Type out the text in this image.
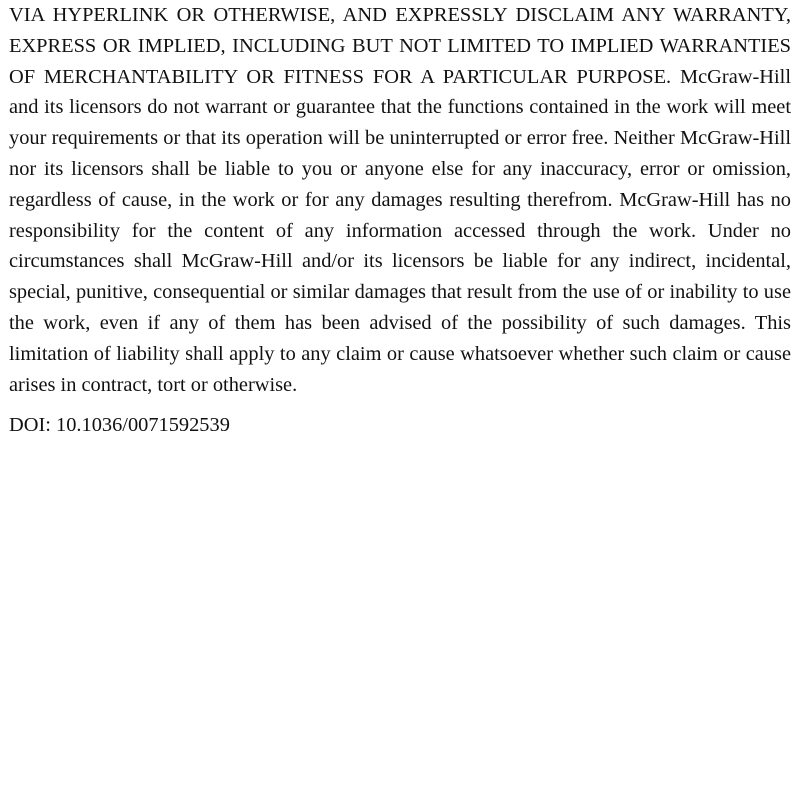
VIA HYPERLINK OR OTHERWISE, AND EXPRESSLY DISCLAIM ANY WARRANTY, EXPRESS OR IMPLIED, INCLUDING BUT NOT LIMITED TO IMPLIED WARRANTIES OF MERCHANTABILITY OR FITNESS FOR A PARTICULAR PURPOSE. McGraw-Hill and its licensors do not warrant or guarantee that the functions contained in the work will meet your requirements or that its operation will be uninterrupted or error free. Neither McGraw-Hill nor its licensors shall be liable to you or anyone else for any inaccuracy, error or omission, regardless of cause, in the work or for any damages resulting therefrom. McGraw-Hill has no responsibility for the content of any information accessed through the work. Under no circumstances shall McGraw-Hill and/or its licensors be liable for any indirect, incidental, special, punitive, consequential or similar damages that result from the use of or inability to use the work, even if any of them has been advised of the possibility of such damages. This limitation of liability shall apply to any claim or cause whatsoever whether such claim or cause arises in contract, tort or otherwise.

DOI: 10.1036/0071592539
